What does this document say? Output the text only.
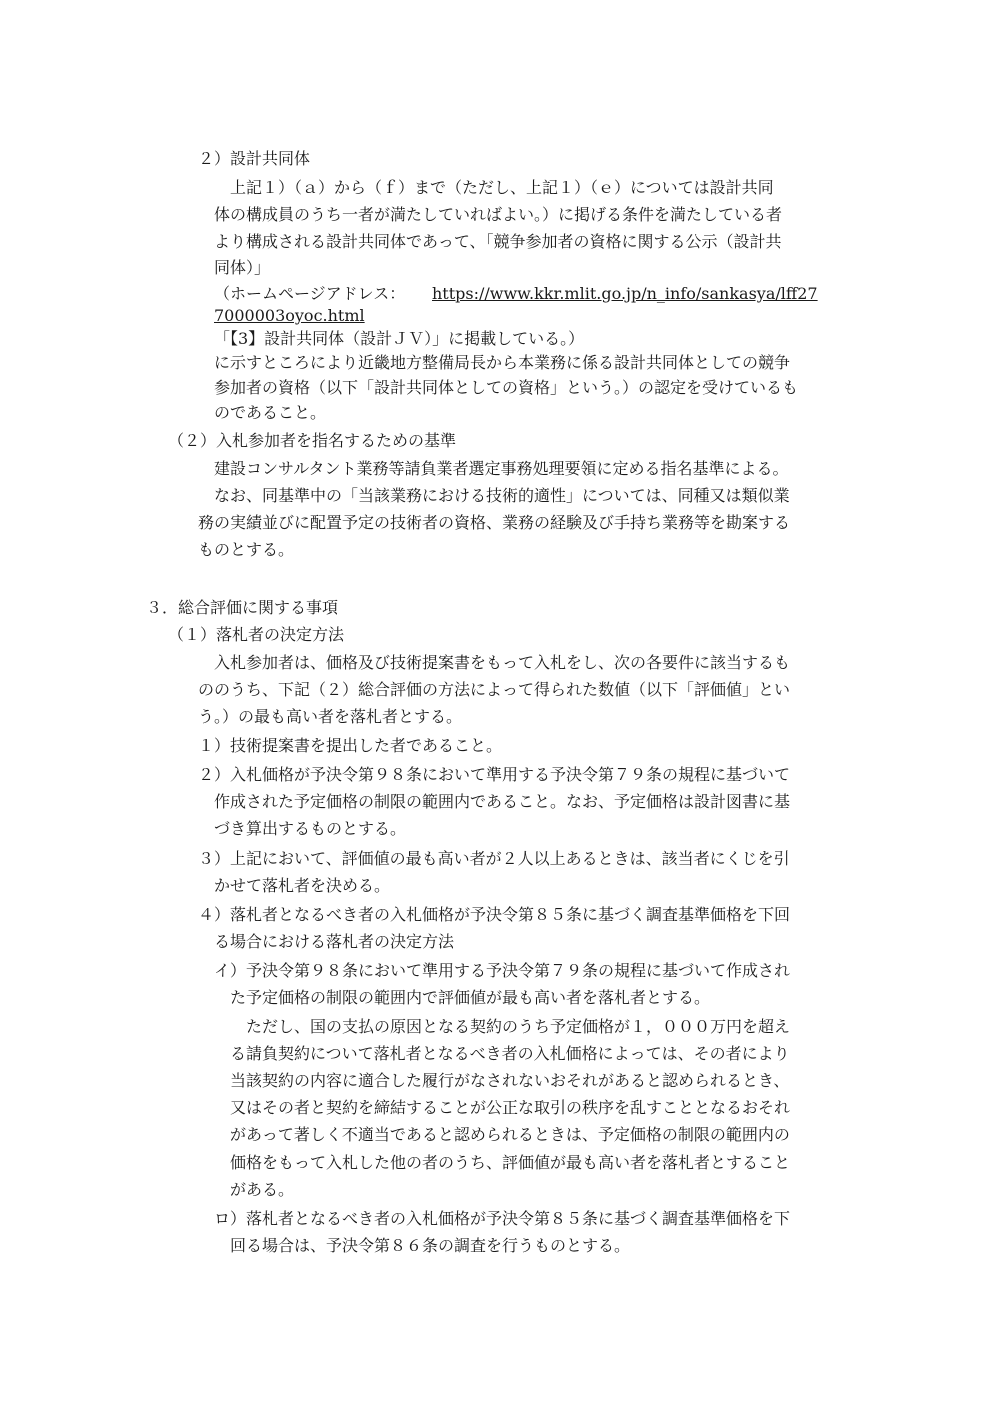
２）設計共同体
上記１）（ａ）から（ｆ）まで（ただし、上記１）（ｅ）については設計共同
体の構成員のうち一者が満たしていればよい。）に掲げる条件を満たしている者
より構成される設計共同体であって、「競争参加者の資格に関する公示（設計共
同体）」
（ホームページアドレス： https://www.kkr.mlit.go.jp/n_info/sankasya/lff27
7000003oyoc.html
「【3】設計共同体（設計ＪＶ）」に掲載している。）
に示すところにより近畿地方整備局長から本業務に係る設計共同体としての競争
参加者の資格（以下「設計共同体としての資格」という。）の認定を受けているも
のであること。
（２）入札参加者を指名するための基準
建設コンサルタント業務等請負業者選定事務処理要領に定める指名基準による。
なお、同基準中の「当該業務における技術的適性」については、同種又は類似業
務の実績並びに配置予定の技術者の資格、業務の経験及び手持ち業務等を勘案する
ものとする。
３．総合評価に関する事項
（１）落札者の決定方法
入札参加者は、価格及び技術提案書をもって入札をし、次の各要件に該当するも
ののうち、下記（２）総合評価の方法によって得られた数値（以下「評価値」とい
う。）の最も高い者を落札者とする。
１）技術提案書を提出した者であること。
２）入札価格が予決令第９８条において準用する予決令第７９条の規程に基づいて
作成された予定価格の制限の範囲内であること。なお、予定価格は設計図書に基
づき算出するものとする。
３）上記において、評価値の最も高い者が２人以上あるときは、該当者にくじを引
かせて落札者を決める。
４）落札者となるべき者の入札価格が予決令第８５条に基づく調査基準価格を下回
る場合における落札者の決定方法
イ）予決令第９８条において準用する予決令第７９条の規程に基づいて作成され
た予定価格の制限の範囲内で評価値が最も高い者を落札者とする。
ただし、国の支払の原因となる契約のうち予定価格が１，０００万円を超え
る請負契約について落札者となるべき者の入札価格によっては、その者により
当該契約の内容に適合した履行がなされないおそれがあると認められるとき、
又はその者と契約を締結することが公正な取引の秩序を乱すこととなるおそれ
があって著しく不適当であると認められるときは、予定価格の制限の範囲内の
価格をもって入札した他の者のうち、評価値が最も高い者を落札者とすること
がある。
ロ）落札者となるべき者の入札価格が予決令第８５条に基づく調査基準価格を下
回る場合は、予決令第８６条の調査を行うものとする。
